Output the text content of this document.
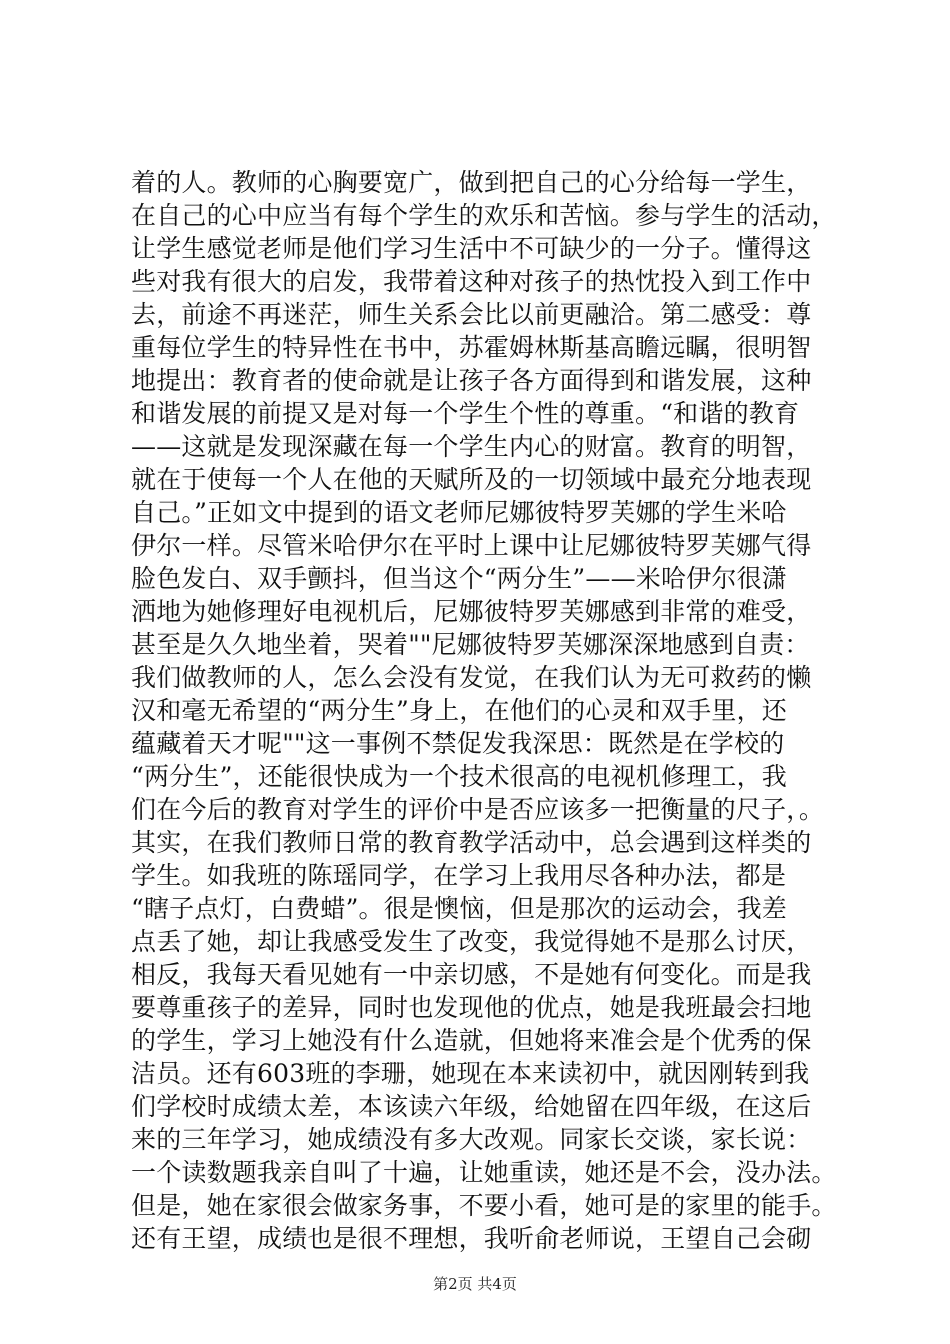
着的人。教师的心胸要宽广，做到把自己的心分给每一学生，
在自己的心中应当有每个学生的欢乐和苦恼。参与学生的活动，
让学生感觉老师是他们学习生活中不可缺少的一分子。懂得这
些对我有很大的启发，我带着这种对孩子的热忱投入到工作中
去，前途不再迷茫，师生关系会比以前更融洽。第二感受：尊
重每位学生的特异性在书中，苏霍姆林斯基高瞻远瞩，很明智
地提出：教育者的使命就是让孩子各方面得到和谐发展，这种
和谐发展的前提又是对每一个学生个性的尊重。“和谐的教育
——这就是发现深藏在每一个学生内心的财富。教育的明智，
就在于使每一个人在他的天赋所及的一切领域中最充分地表现
自己。”正如文中提到的语文老师尼娜彼特罗芙娜的学生米哈
伊尔一样。尽管米哈伊尔在平时上课中让尼娜彼特罗芙娜气得
脸色发白、双手颤抖，但当这个“两分生”——米哈伊尔很潇
洒地为她修理好电视机后，尼娜彼特罗芙娜感到非常的难受，
甚至是久久地坐着，哭着""尼娜彼特罗芙娜深深地感到自责：
我们做教师的人，怎么会没有发觉，在我们认为无可救药的懒
汉和毫无希望的“两分生”身上，在他们的心灵和双手里，还
蕴藏着天才呢""这一事例不禁促发我深思：既然是在学校的
“两分生”，还能很快成为一个技术很高的电视机修理工，我
们在今后的教育对学生的评价中是否应该多一把衡量的尺子，。
其实，在我们教师日常的教育教学活动中，总会遇到这样类的
学生。如我班的陈瑶同学，在学习上我用尽各种办法，都是
“瞎子点灯，白费蜡”。很是懊恼，但是那次的运动会，我差
点丢了她，却让我感受发生了改变，我觉得她不是那么讨厌，
相反，我每天看见她有一中亲切感，不是她有何变化。而是我
要尊重孩子的差异，同时也发现他的优点，她是我班最会扫地
的学生，学习上她没有什么造就，但她将来准会是个优秀的保
洁员。还有603班的李珊，她现在本来读初中，就因刚转到我
们学校时成绩太差，本该读六年级，给她留在四年级，在这后
来的三年学习，她成绩没有多大改观。同家长交谈，家长说：
一个读数题我亲自叫了十遍，让她重读，她还是不会，没办法。
但是，她在家很会做家务事，不要小看，她可是的家里的能手。
还有王望，成绩也是很不理想，我听俞老师说，王望自己会砌
第2页 共4页
